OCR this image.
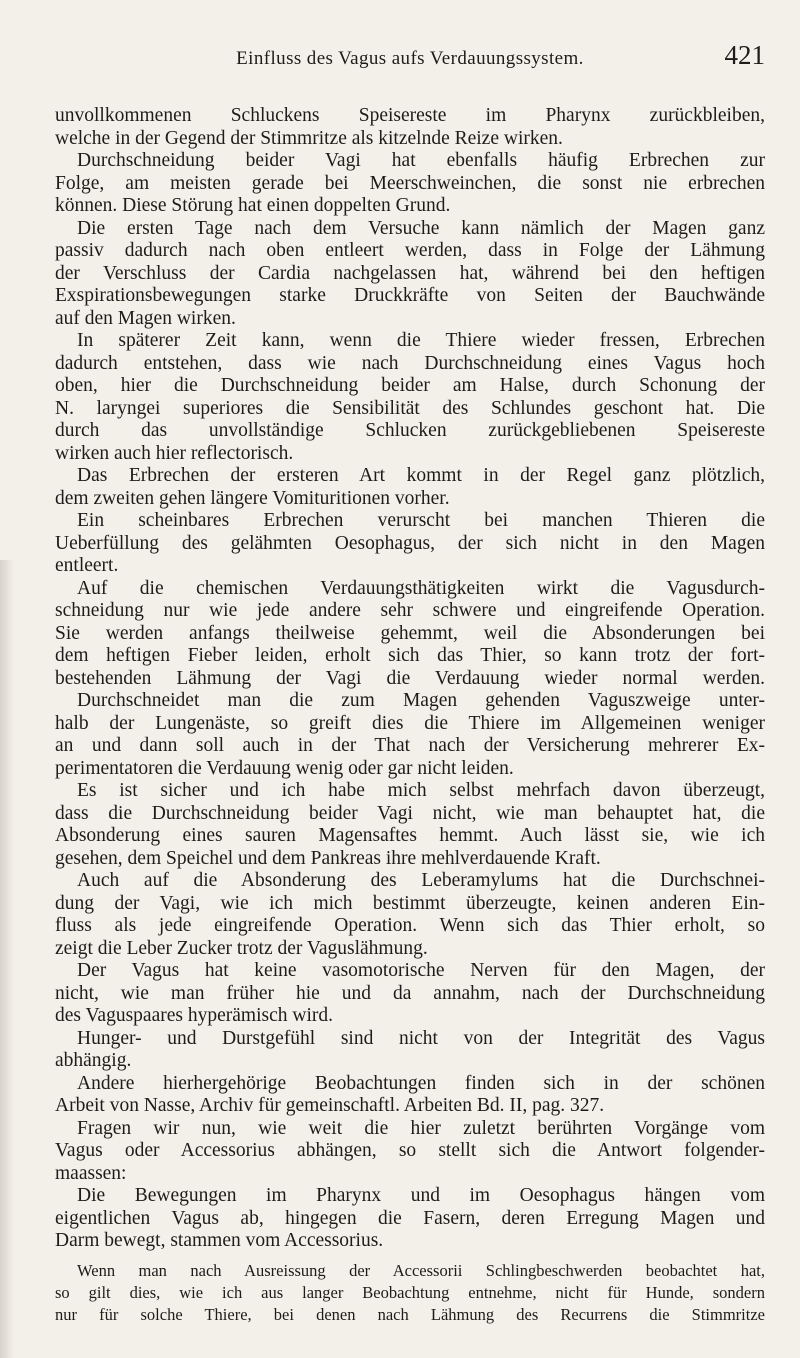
Einfluss des Vagus aufs Verdauungssystem.	421
unvollkommenen Schluckens Speisereste im Pharynx zurückbleiben,
welche in der Gegend der Stimmritze als kitzelnde Reize wirken.
Durchschneidung beider Vagi hat ebenfalls häufig Erbrechen zur
Folge, am meisten gerade bei Meerschweinchen, die sonst nie erbrechen
können. Diese Störung hat einen doppelten Grund.
Die ersten Tage nach dem Versuche kann nämlich der Magen ganz
passiv dadurch nach oben entleert werden, dass in Folge der Lähmung
der Verschluss der Cardia nachgelassen hat, während bei den heftigen
Exspirationsbewegungen starke Druckkräfte von Seiten der Bauchwände
auf den Magen wirken.
In späterer Zeit kann, wenn die Thiere wieder fressen, Erbrechen
dadurch entstehen, dass wie nach Durchschneidung eines Vagus hoch
oben, hier die Durchschneidung beider am Halse, durch Schonung der
N. laryngei superiores die Sensibilität des Schlundes geschont hat. Die
durch das unvollständige Schlucken zurückgebliebenen Speisereste
wirken auch hier reflectorisch.
Das Erbrechen der ersteren Art kommt in der Regel ganz plötzlich,
dem zweiten gehen längere Vomituritionen vorher.
Ein scheinbares Erbrechen verurscht bei manchen Thieren die
Ueberfüllung des gelähmten Oesophagus, der sich nicht in den Magen
entleert.
Auf die chemischen Verdauungsthätigkeiten wirkt die Vagusdurch-
schneidung nur wie jede andere sehr schwere und eingreifende Operation.
Sie werden anfangs theilweise gehemmt, weil die Absonderungen bei
dem heftigen Fieber leiden, erholt sich das Thier, so kann trotz der fort-
bestehenden Lähmung der Vagi die Verdauung wieder normal werden.
Durchschneidet man die zum Magen gehenden Vaguszweige unter-
halb der Lungenäste, so greift dies die Thiere im Allgemeinen weniger
an und dann soll auch in der That nach der Versicherung mehrerer Ex-
perimentatoren die Verdauung wenig oder gar nicht leiden.
Es ist sicher und ich habe mich selbst mehrfach davon überzeugt,
dass die Durchschneidung beider Vagi nicht, wie man behauptet hat, die
Absonderung eines sauren Magensaftes hemmt. Auch lässt sie, wie ich
gesehen, dem Speichel und dem Pankreas ihre mehlverdauende Kraft.
Auch auf die Absonderung des Leberamylums hat die Durchschnei-
dung der Vagi, wie ich mich bestimmt überzeugte, keinen anderen Ein-
fluss als jede eingreifende Operation. Wenn sich das Thier erholt, so
zeigt die Leber Zucker trotz der Vaguslähmung.
Der Vagus hat keine vasomotorische Nerven für den Magen, der
nicht, wie man früher hie und da annahm, nach der Durchschneidung
des Vaguspaares hyperämisch wird.
Hunger- und Durstgefühl sind nicht von der Integrität des Vagus
abhängig.
Andere hierhergehörige Beobachtungen finden sich in der schönen
Arbeit von Nasse, Archiv für gemeinschaftl. Arbeiten Bd. II, pag. 327.
Fragen wir nun, wie weit die hier zuletzt berührten Vorgänge vom
Vagus oder Accessorius abhängen, so stellt sich die Antwort folgender-
maassen:
Die Bewegungen im Pharynx und im Oesophagus hängen vom
eigentlichen Vagus ab, hingegen die Fasern, deren Erregung Magen und
Darm bewegt, stammen vom Accessorius.
Wenn man nach Ausreissung der Accessorii Schlingbeschwerden beobachtet hat,
so gilt dies, wie ich aus langer Beobachtung entnehme, nicht für Hunde, sondern
nur für solche Thiere, bei denen nach Lähmung des Recurrens die Stimmritze
